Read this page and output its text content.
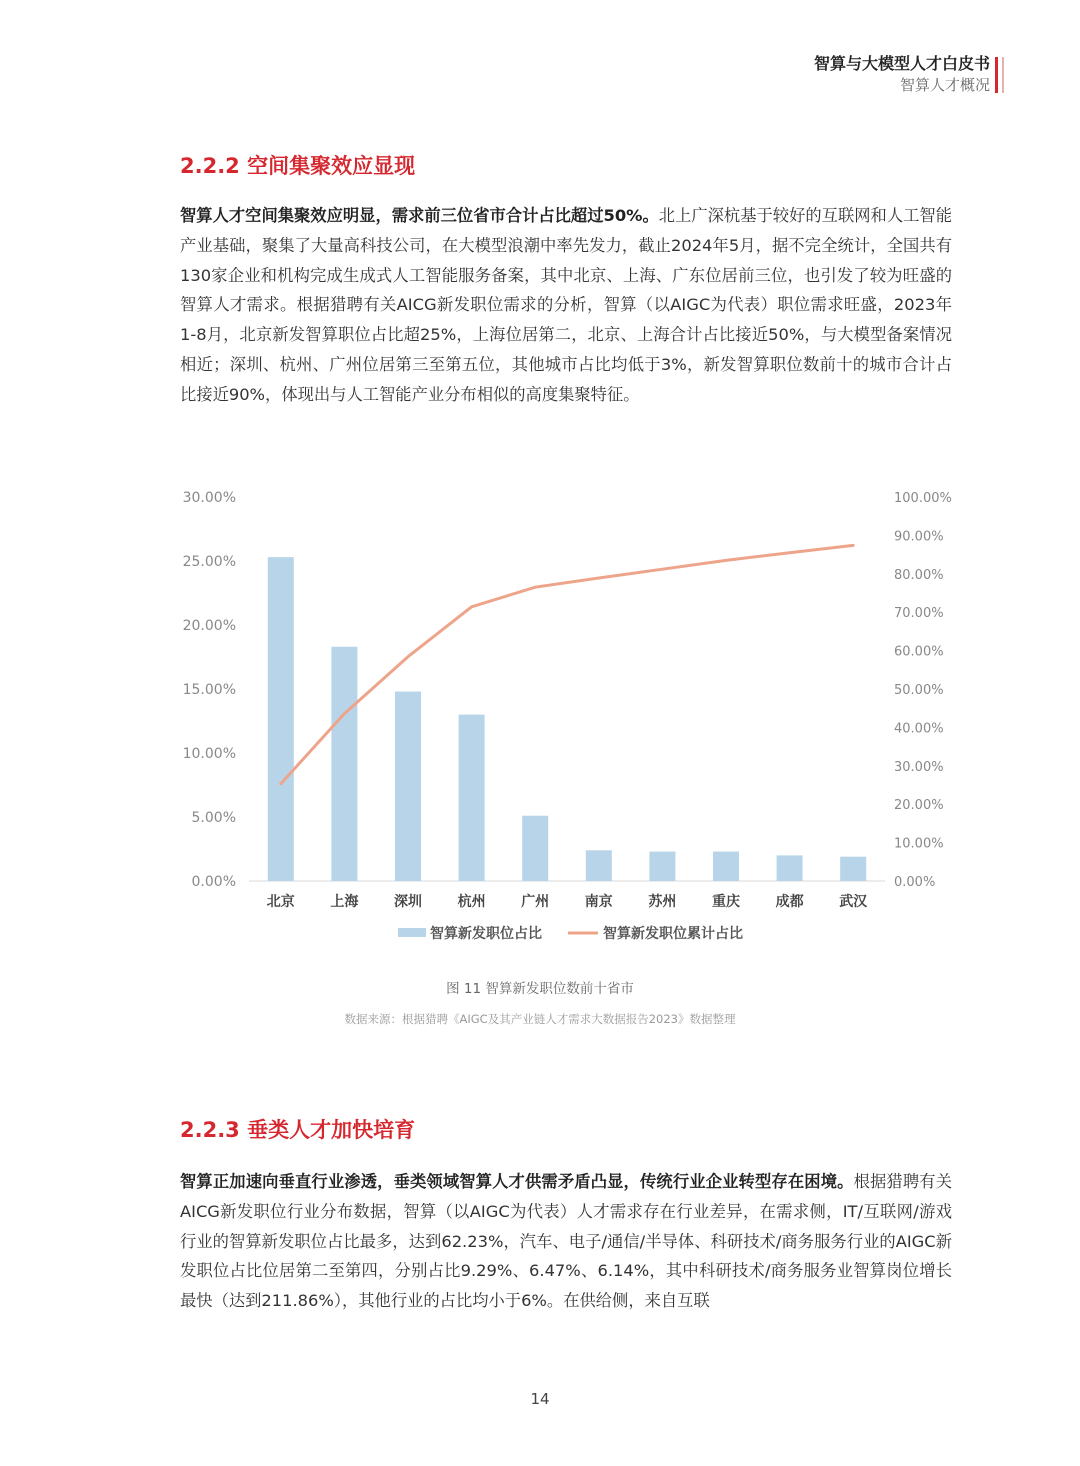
智算与大模型人才白皮书
智算人才概况
2.2.2 空间集聚效应显现

智算人才空间集聚效应明显，需求前三位省市合计占比超过50%。北上广深杭基于较好的互联网和人工智能产业基础，聚集了大量高科技公司，在大模型浪潮中率先发力，截止2024年5月，据不完全统计，全国共有130家企业和机构完成生成式人工智能服务备案，其中北京、上海、广东位居前三位，也引发了较为旺盛的智算人才需求。根据猎聘有关AICG新发职位需求的分析，智算（以AIGC为代表）职位需求旺盛，2023年1-8月，北京新发智算职位占比超25%，上海位居第二，北京、上海合计占比接近50%，与大模型备案情况相近；深圳、杭州、广州位居第三至第五位，其他城市占比均低于3%，新发智算职位数前十的城市合计占比接近90%，体现出与人工智能产业分布相似的高度集聚特征。

30.00%
25.00%
20.00%
15.00%
10.00%
5.00%
0.00%
100.00%
90.00%
80.00%
70.00%
60.00%
50.00%
40.00%
30.00%
20.00%
10.00%
0.00%
北京	上海	深圳	杭州	广州	南京	苏州	重庆	成都	武汉
智算新发职位占比	智算新发职位累计占比
图 11 智算新发职位数前十省市
数据来源：根据猎聘《AIGC及其产业链人才需求大数据报告2023》数据整理
2.2.3 垂类人才加快培育

智算正加速向垂直行业渗透，垂类领域智算人才供需矛盾凸显，传统行业企业转型存在困境。根据猎聘有关AICG新发职位行业分布数据，智算（以AIGC为代表）人才需求存在行业差异，在需求侧，IT/互联网/游戏行业的智算新发职位占比最多，达到62.23%，汽车、电子/通信/半导体、科研技术/商务服务行业的AIGC新发职位占比位居第二至第四，分别占比9.29%、6.47%、6.14%，其中科研技术/商务服务业智算岗位增长最快（达到211.86%），其他行业的占比均小于6%。在供给侧，来自互联

14
